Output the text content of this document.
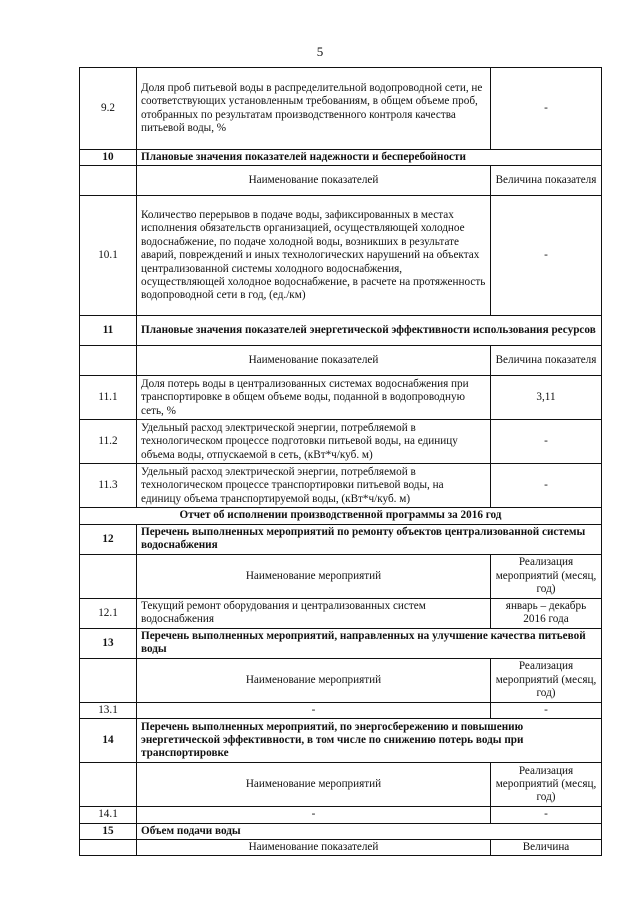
5
9.2	Доля проб питьевой воды в распределительной водопроводной сети, не соответствующих установленным требованиям, в общем объеме проб, отобранных по результатам производственного контроля качества питьевой воды, %	-
10	Плановые значения показателей надежности и бесперебойности	
	Наименование показателей	Величина показателя
10.1	Количество перерывов в подаче воды, зафиксированных в местах исполнения обязательств организацией, осуществляющей холодное водоснабжение, по подаче холодной воды, возникших в результате аварий, повреждений и иных технологических нарушений на объектах централизованной системы холодного водоснабжения, осуществляющей холодное водоснабжение, в расчете на протяженность водопроводной сети в год, (ед./км)	-
11	Плановые значения показателей энергетической эффективности использования ресурсов	
	Наименование показателей	Величина показателя
11.1	Доля потерь воды в централизованных системах водоснабжения при транспортировке в общем объеме воды, поданной в водопроводную сеть, %	3,11
11.2	Удельный расход электрической энергии, потребляемой в технологическом процессе подготовки питьевой воды, на единицу объема воды, отпускаемой в сеть, (кВт*ч/куб. м)	-
11.3	Удельный расход электрической энергии, потребляемой в технологическом процессе транспортировки питьевой воды, на единицу объема транспортируемой воды, (кВт*ч/куб. м)	-
Отчет об исполнении производственной программы за 2016 год		
12	Перечень выполненных мероприятий по ремонту объектов централизованной системы водоснабжения	
	Наименование мероприятий	Реализация мероприятий (месяц, год)
12.1	Текущий ремонт оборудования и централизованных систем водоснабжения	январь – декабрь 2016 года
13	Перечень выполненных мероприятий, направленных на улучшение качества питьевой воды	
	Наименование мероприятий	Реализация мероприятий (месяц, год)
13.1	-	-
14	Перечень выполненных мероприятий, по энергосбережению и повышению энергетической эффективности, в том числе по снижению потерь воды при транспортировке	
	Наименование мероприятий	Реализация мероприятий (месяц, год)
14.1	-	-
15	Объем подачи воды	
	Наименование показателей	Величина
